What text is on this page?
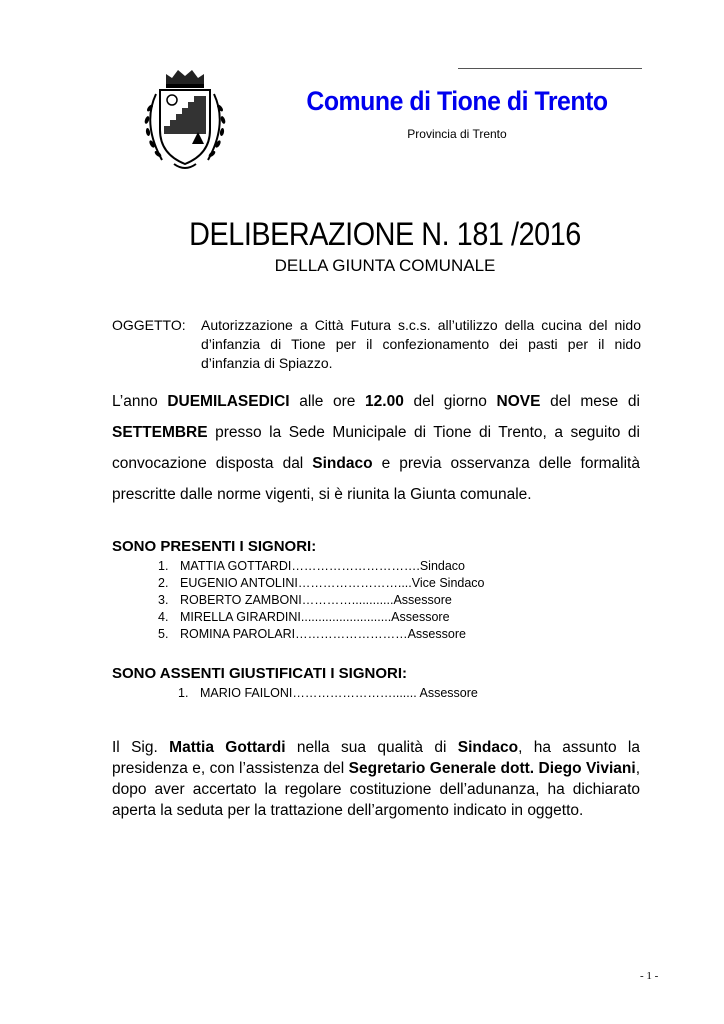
Comune di Tione di Trento
Provincia di Trento
DELIBERAZIONE N. 181 /2016
DELLA GIUNTA COMUNALE
OGGETTO: Autorizzazione a Città Futura s.c.s. all’utilizzo della cucina del nido d’infanzia di Tione per il confezionamento dei pasti per il nido d’infanzia di Spiazzo.
L’anno DUEMILASEDICI alle ore 12.00 del giorno NOVE del mese di SETTEMBRE presso la Sede Municipale di Tione di Trento, a seguito di convocazione disposta dal Sindaco e previa osservanza delle formalità prescritte dalle norme vigenti, si è riunita la Giunta comunale.
SONO PRESENTI I SIGNORI:
1. MATTIA GOTTARDI………………………….Sindaco
2. EUGENIO ANTOLINI……………………....Vice Sindaco
3. ROBERTO ZAMBONI…………............Assessore
4. MIRELLA GIRARDINI..........................Assessore
5. ROMINA PAROLARI………………………Assessore
SONO ASSENTI GIUSTIFICATI I SIGNORI:
1. MARIO FAILONI……………………....... Assessore
Il Sig. Mattia Gottardi nella sua qualità di Sindaco, ha assunto la presidenza e, con l’assistenza del Segretario Generale dott. Diego Viviani, dopo aver accertato la regolare costituzione dell’adunanza, ha dichiarato aperta la seduta per la trattazione dell’argomento indicato in oggetto.
- 1 -
